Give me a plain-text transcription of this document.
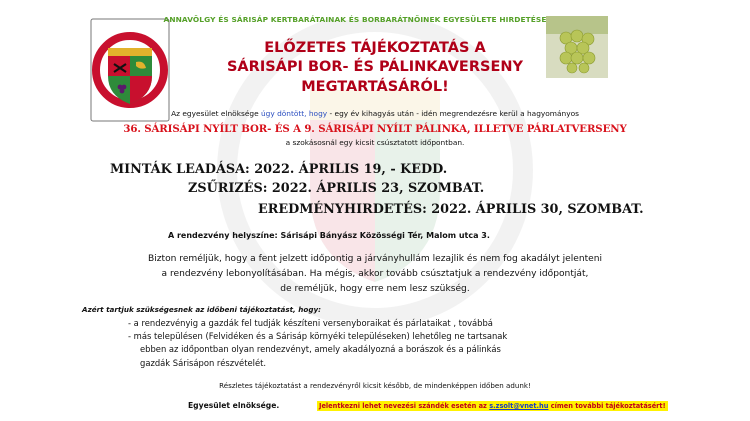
ANNAVÖLGY ÉS SÁRISÁP KERTBARÁTAINAK ÉS BORBARÁTNŐINEK EGYESÜLETE HIRDETÉSE
ELŐZETES TÁJÉKOZTATÁS A
SÁRISÁPI BOR- ÉS PÁLINKAVERSENY
MEGTARTÁSÁRÓL!
Az egyesület elnöksége úgy döntött, hogy - egy év kihagyás után - idén megrendezésre kerül a hagyományos
36. SÁRISÁPI NYÍLT BOR- ÉS A 9. SÁRISÁPI NYÍLT PÁLINKA, ILLETVE PÁRLATVERSENY
a szokásosnál egy kicsit csúsztatott időpontban.
MINTÁK LEADÁSA: 2022. ÁPRILIS 19, - KEDD.
ZSŰRIZÉS: 2022. ÁPRILIS 23, SZOMBAT.
EREDMÉNYHIRDETÉS: 2022. ÁPRILIS 30, SZOMBAT.
A rendezvény helyszíne: Sárisápi Bányász Közösségi Tér, Malom utca 3.
Bizton reméljük, hogy a fent jelzett időpontig a járványhullám lezajlik és nem fog akadályt jelenteni
a rendezvény lebonyolításában. Ha mégis, akkor tovább csúsztatjuk a rendezvény időpontját,
de reméljük, hogy erre nem lesz szükség.
Azért tartjuk szükségesnek az időbeni tájékoztatást, hogy:
- a rendezvényig a gazdák fel tudják készíteni versenyboraikat és párlataikat , továbbá
- más településen (Felvidéken és a Sárisáp környéki településeken) lehetőleg ne tartsanak
ebben az időpontban olyan rendezvényt, amely akadályozná a borászok és a pálinkás
gazdák Sárisápon részvételét.
Részletes tájékoztatást a rendezvényről kicsit később, de mindenképpen időben adunk!
Egyesület elnöksége.	Jelentkezni lehet nevezési szándék esetén az s.zsolt@vnet.hu címen további tájékoztatásért!
